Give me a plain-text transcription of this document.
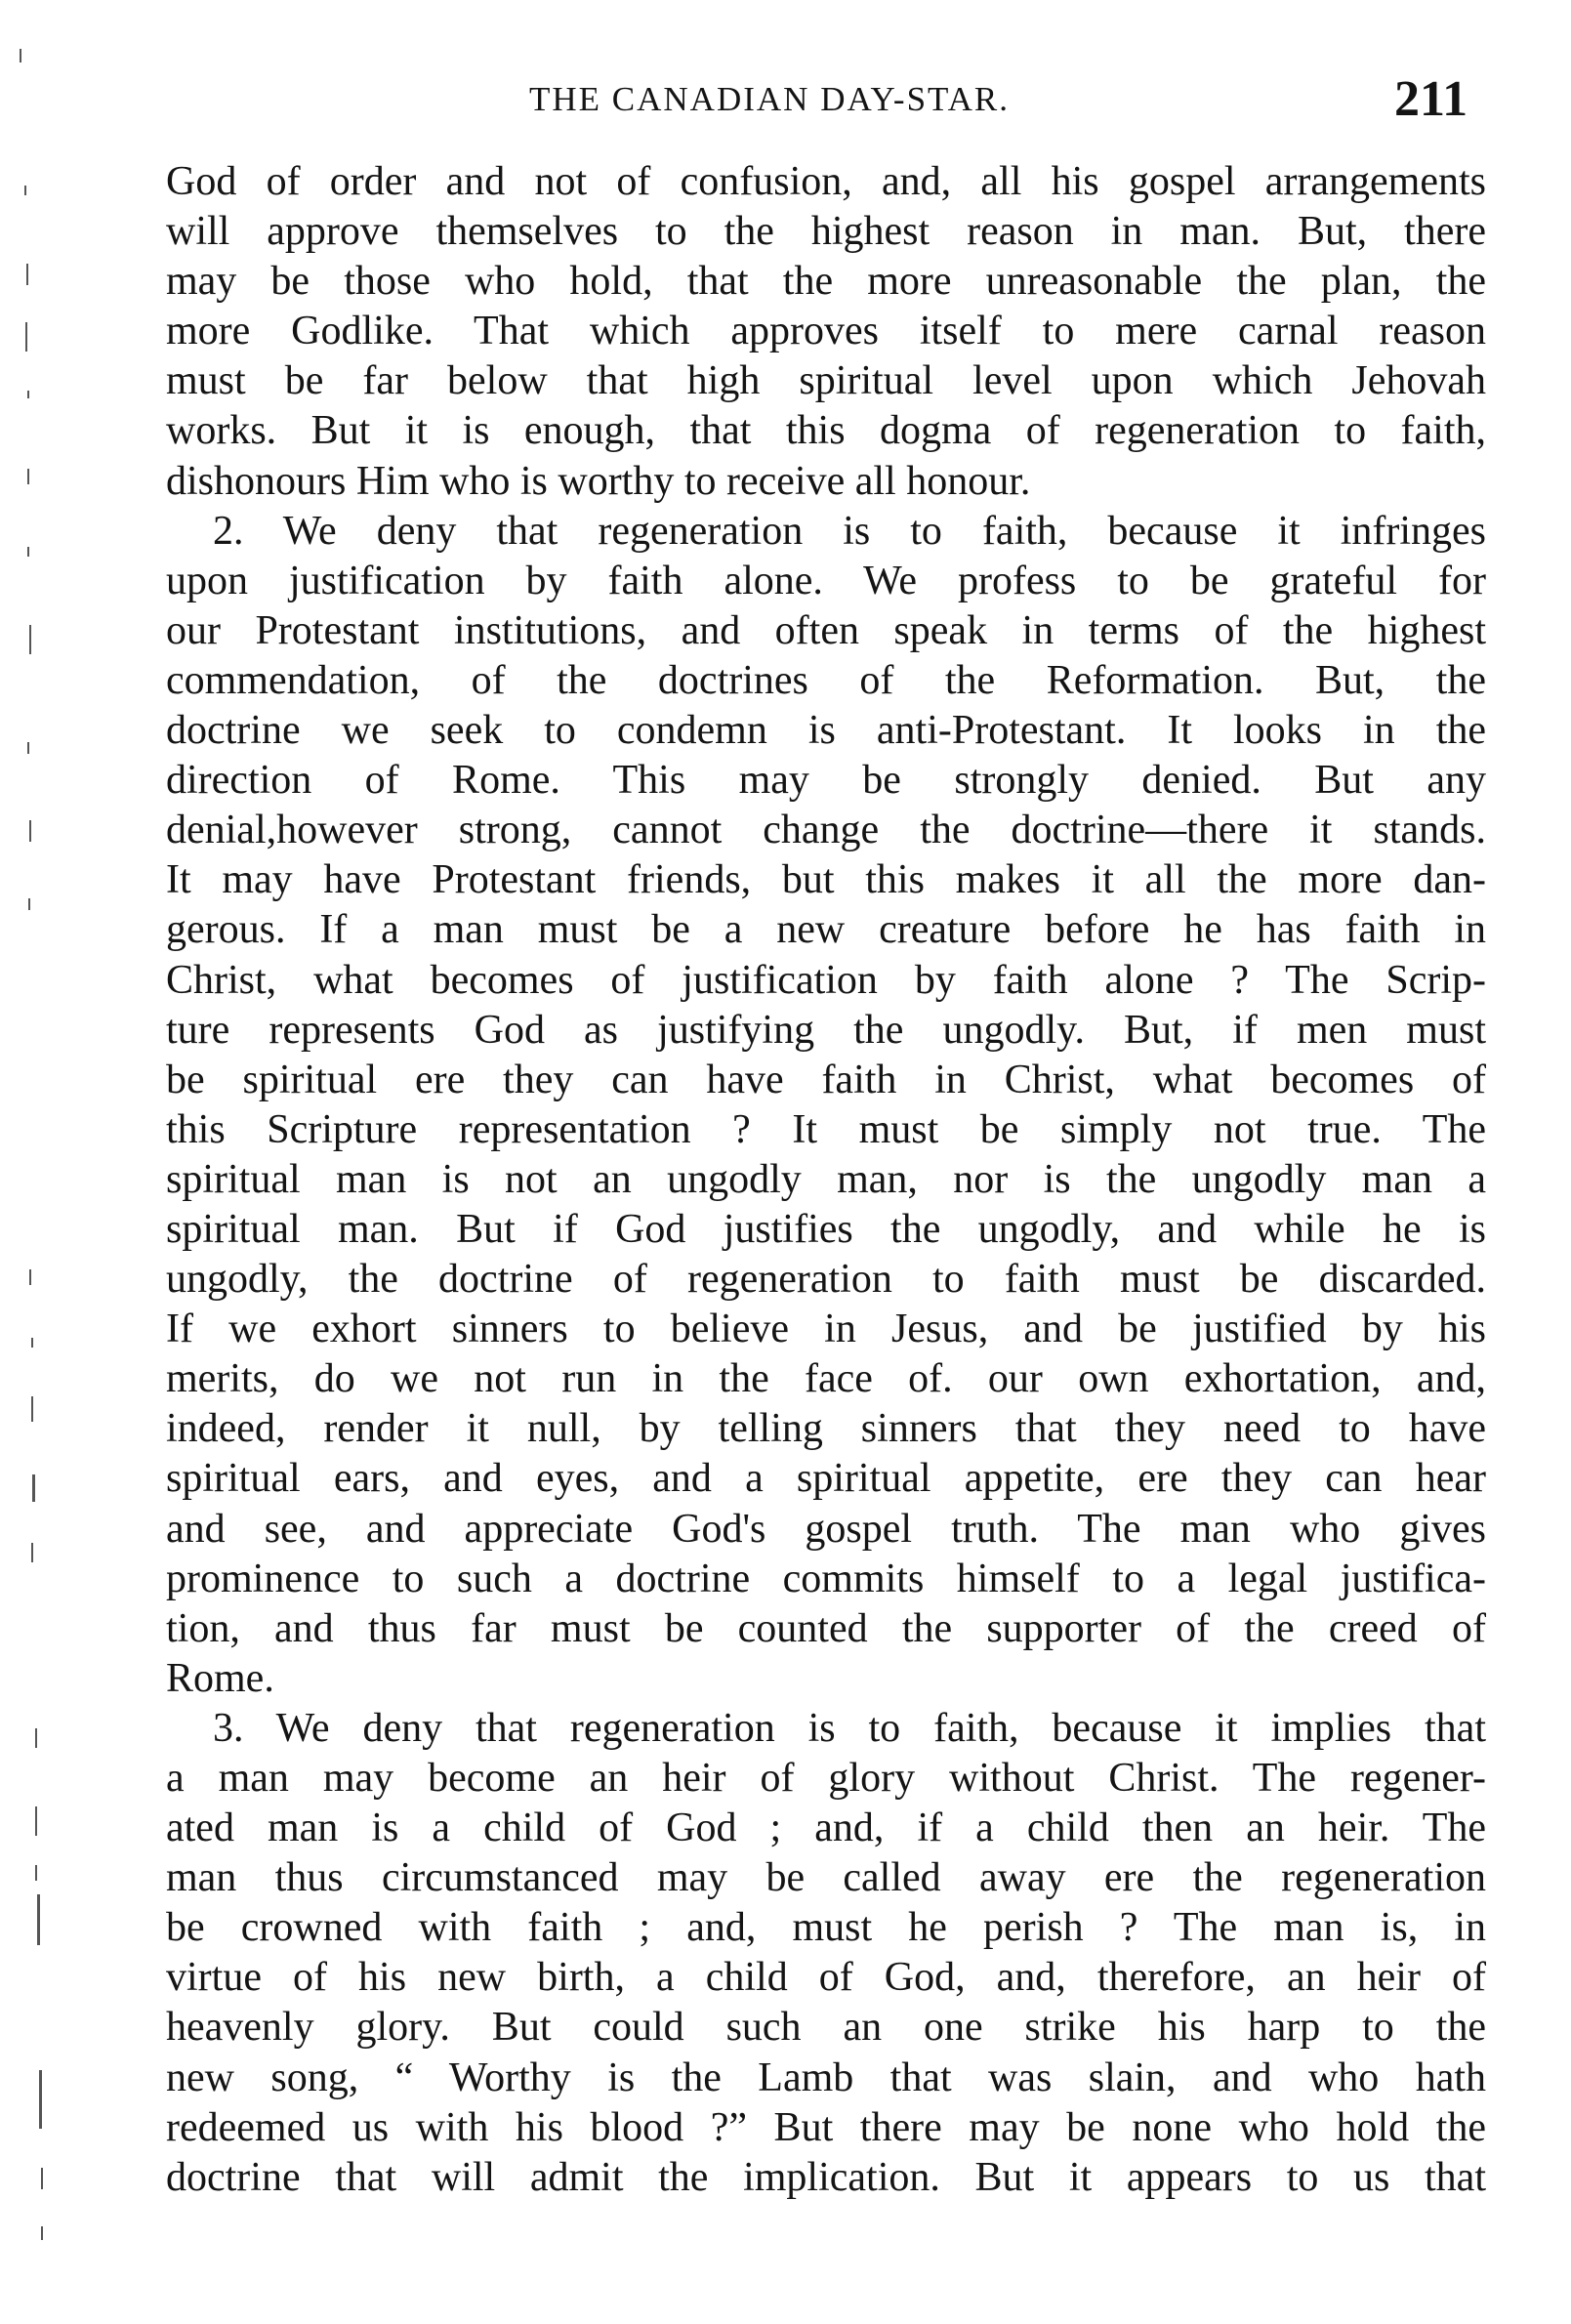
THE CANADIAN DAY-STAR.	211
God of order and not of confusion, and, all his gospel arrangements
will approve themselves to the highest reason in man. But, there
may be those who hold, that the more unreasonable the plan, the
more Godlike. That which approves itself to mere carnal reason
must be far below that high spiritual level upon which Jehovah
works. But it is enough, that this dogma of regeneration to faith,
dishonours Him who is worthy to receive all honour.
2. We deny that regeneration is to faith, because it infringes
upon justification by faith alone. We profess to be grateful for
our Protestant institutions, and often speak in terms of the highest
commendation, of the doctrines of the Reformation. But, the
doctrine we seek to condemn is anti-Protestant. It looks in the
direction of Rome. This may be strongly denied. But any
denial,however strong, cannot change the doctrine—there it stands.
It may have Protestant friends, but this makes it all the more dan-
gerous. If a man must be a new creature before he has faith in
Christ, what becomes of justification by faith alone ? The Scrip-
ture represents God as justifying the ungodly. But, if men must
be spiritual ere they can have faith in Christ, what becomes of
this Scripture representation ? It must be simply not true. The
spiritual man is not an ungodly man, nor is the ungodly man a
spiritual man. But if God justifies the ungodly, and while he is
ungodly, the doctrine of regeneration to faith must be discarded.
If we exhort sinners to believe in Jesus, and be justified by his
merits, do we not run in the face of. our own exhortation, and,
indeed, render it null, by telling sinners that they need to have
spiritual ears, and eyes, and a spiritual appetite, ere they can hear
and see, and appreciate God's gospel truth. The man who gives
prominence to such a doctrine commits himself to a legal justifica-
tion, and thus far must be counted the supporter of the creed of
Rome.
3. We deny that regeneration is to faith, because it implies that
a man may become an heir of glory without Christ. The regener-
ated man is a child of God ; and, if a child then an heir. The
man thus circumstanced may be called away ere the regeneration
be crowned with faith ; and, must he perish ? The man is, in
virtue of his new birth, a child of God, and, therefore, an heir of
heavenly glory. But could such an one strike his harp to the
new song, “ Worthy is the Lamb that was slain, and who hath
redeemed us with his blood ?” But there may be none who hold the
doctrine that will admit the implication. But it appears to us that
